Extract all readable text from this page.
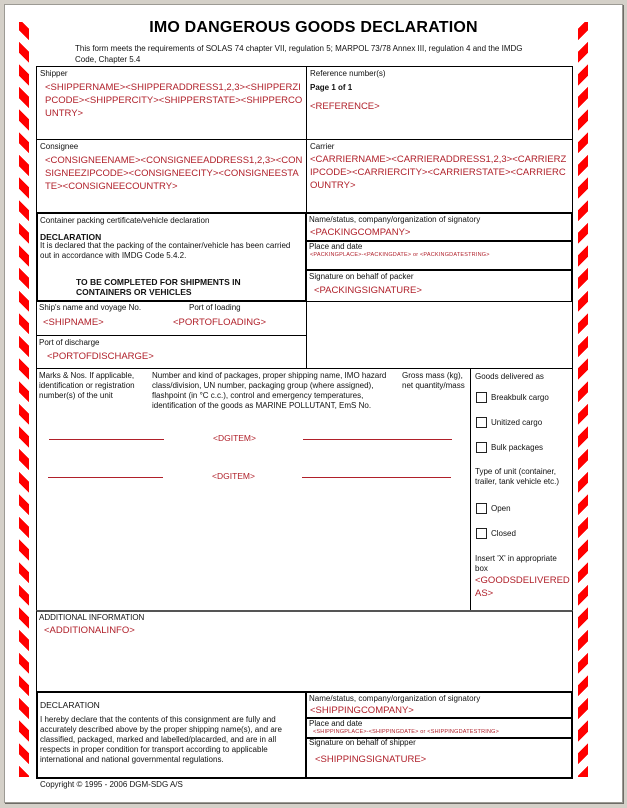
IMO DANGEROUS GOODS DECLARATION
This form meets the requirements of SOLAS 74 chapter VII, regulation 5; MARPOL 73/78 Annex III, regulation 4 and the IMDG Code, Chapter 5.4
Shipper
<SHIPPERNAME><SHIPPERADDRESS1,2,3><SHIPPERZIPCODE><SHIPPERCITY><SHIPPERSTATE><SHIPPERCOUNTRY>
Reference number(s)
Page 1 of 1
<REFERENCE>
Consignee
<CONSIGNEENAME><CONSIGNEEADDRESS1,2,3><CONSIGNEEZIPCODE><CONSIGNEECITY><CONSIGNEESTATE><CONSIGNEECOUNTRY>
Carrier
<CARRIERNAME><CARRIERADDRESS1,2,3><CARRIERZIPCODE><CARRIERCITY><CARRIERSTATE><CARRIERCOUNTRY>
Container packing certificate/vehicle declaration
DECLARATION
It is declared that the packing of the container/vehicle has been carried out in accordance with IMDG Code 5.4.2.
TO BE COMPLETED FOR SHIPMENTS IN CONTAINERS OR VEHICLES
Name/status, company/organization of signatory
<PACKINGCOMPANY>
Place and date
<PACKINGPLACE>-<PACKINGDATE> or <PACKINGDATESTRING>
Signature on behalf of packer
<PACKINGSIGNATURE>
Ship's name and voyage No.
<SHIPNAME>
Port of loading
<PORTOFLOADING>
Port of discharge
<PORTOFDISCHARGE>
Marks & Nos. If applicable, identification or registration number(s) of the unit
Number and kind of packages, proper shipping name, IMO hazard class/division, UN number, packaging group (where assigned), flashpoint (in °C c.c.), control and emergency temperatures, identification of the goods as MARINE POLLUTANT, EmS No.
Gross mass (kg), net quantity/mass
<DGITEM>
<DGITEM>
Goods delivered as
Breakbulk cargo
Unitized cargo
Bulk packages
Type of unit (container, trailer, tank vehicle etc.)
Open
Closed
Insert 'X' in appropriate box
<GOODSDELIVEREDAS>
ADDITIONAL INFORMATION
<ADDITIONALINFO>
DECLARATION
I hereby declare that the contents of this consignment are fully and accurately described above by the proper shipping name(s), and are classified, packaged, marked and labelled/placarded, and are in all respects in proper condition for transport according to applicable international and national governmental regulations.
Name/status, company/organization of signatory
<SHIPPINGCOMPANY>
Place and date
<SHIPPINGPLACE>-<SHIPPINGDATE> or <SHIPPINGDATESTRING>
Signature on behalf of shipper
<SHIPPINGSIGNATURE>
Copyright © 1995 - 2006 DGM-SDG A/S
